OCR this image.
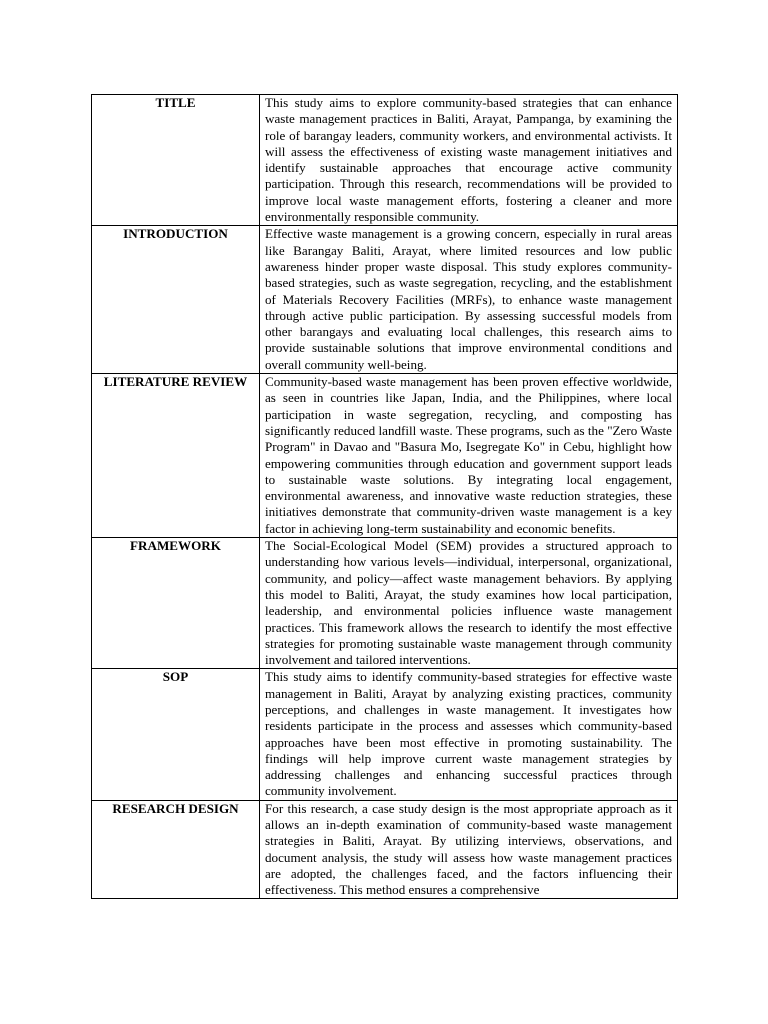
TITLE	This study aims to explore community-based strategies that can enhance waste management practices in Baliti, Arayat, Pampanga, by examining the role of barangay leaders, community workers, and environmental activists. It will assess the effectiveness of existing waste management initiatives and identify sustainable approaches that encourage active community participation. Through this research, recommendations will be provided to improve local waste management efforts, fostering a cleaner and more environmentally responsible community.
INTRODUCTION	Effective waste management is a growing concern, especially in rural areas like Barangay Baliti, Arayat, where limited resources and low public awareness hinder proper waste disposal. This study explores community-based strategies, such as waste segregation, recycling, and the establishment of Materials Recovery Facilities (MRFs), to enhance waste management through active public participation. By assessing successful models from other barangays and evaluating local challenges, this research aims to provide sustainable solutions that improve environmental conditions and overall community well-being.
LITERATURE REVIEW	Community-based waste management has been proven effective worldwide, as seen in countries like Japan, India, and the Philippines, where local participation in waste segregation, recycling, and composting has significantly reduced landfill waste. These programs, such as the "Zero Waste Program" in Davao and "Basura Mo, Isegregate Ko" in Cebu, highlight how empowering communities through education and government support leads to sustainable waste solutions. By integrating local engagement, environmental awareness, and innovative waste reduction strategies, these initiatives demonstrate that community-driven waste management is a key factor in achieving long-term sustainability and economic benefits.
FRAMEWORK	The Social-Ecological Model (SEM) provides a structured approach to understanding how various levels—individual, interpersonal, organizational, community, and policy—affect waste management behaviors. By applying this model to Baliti, Arayat, the study examines how local participation, leadership, and environmental policies influence waste management practices. This framework allows the research to identify the most effective strategies for promoting sustainable waste management through community involvement and tailored interventions.
SOP	This study aims to identify community-based strategies for effective waste management in Baliti, Arayat by analyzing existing practices, community perceptions, and challenges in waste management. It investigates how residents participate in the process and assesses which community-based approaches have been most effective in promoting sustainability. The findings will help improve current waste management strategies by addressing challenges and enhancing successful practices through community involvement.
RESEARCH DESIGN	For this research, a case study design is the most appropriate approach as it allows an in-depth examination of community-based waste management strategies in Baliti, Arayat. By utilizing interviews, observations, and document analysis, the study will assess how waste management practices are adopted, the challenges faced, and the factors influencing their effectiveness. This method ensures a comprehensive
